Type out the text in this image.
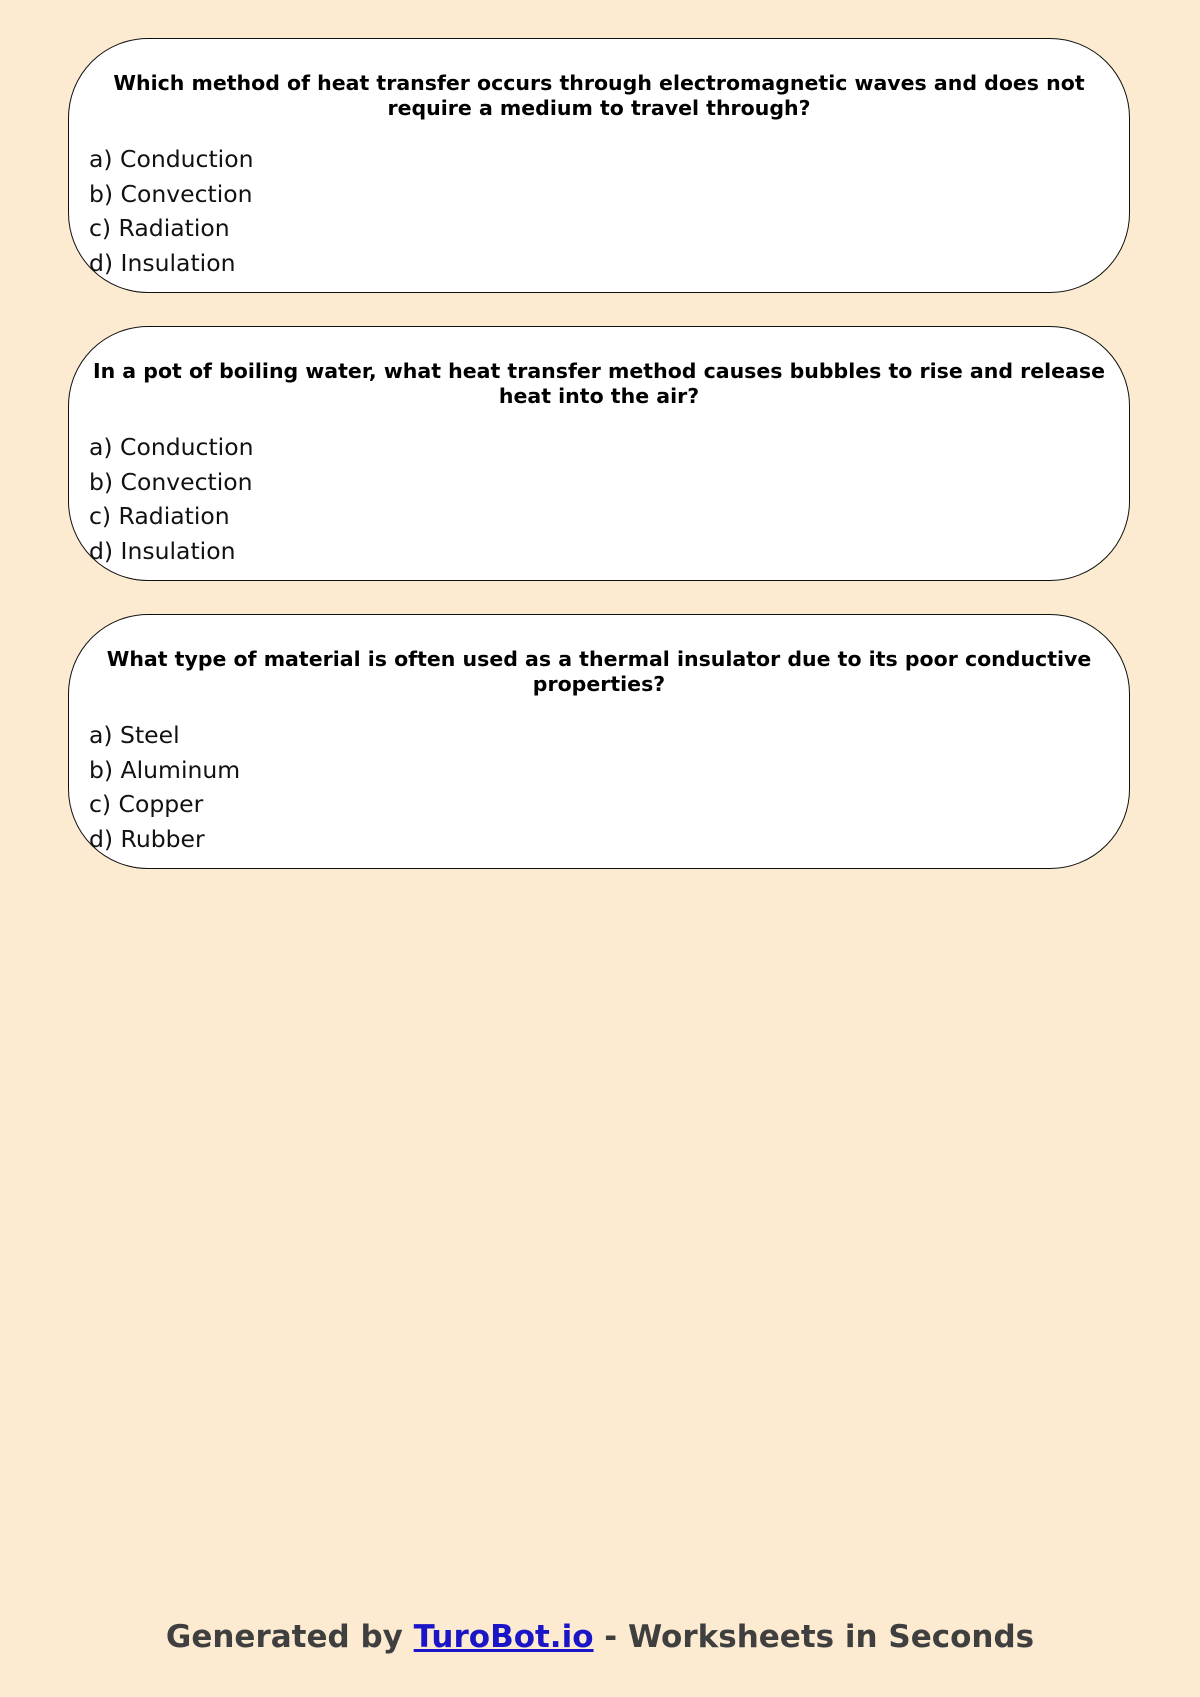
Which method of heat transfer occurs through electromagnetic waves and does not require a medium to travel through?

a) Conduction
b) Convection
c) Radiation
d) Insulation

In a pot of boiling water, what heat transfer method causes bubbles to rise and release heat into the air?

a) Conduction
b) Convection
c) Radiation
d) Insulation

What type of material is often used as a thermal insulator due to its poor conductive properties?

a) Steel
b) Aluminum
c) Copper
d) Rubber
Generated by TuroBot.io - Worksheets in Seconds
